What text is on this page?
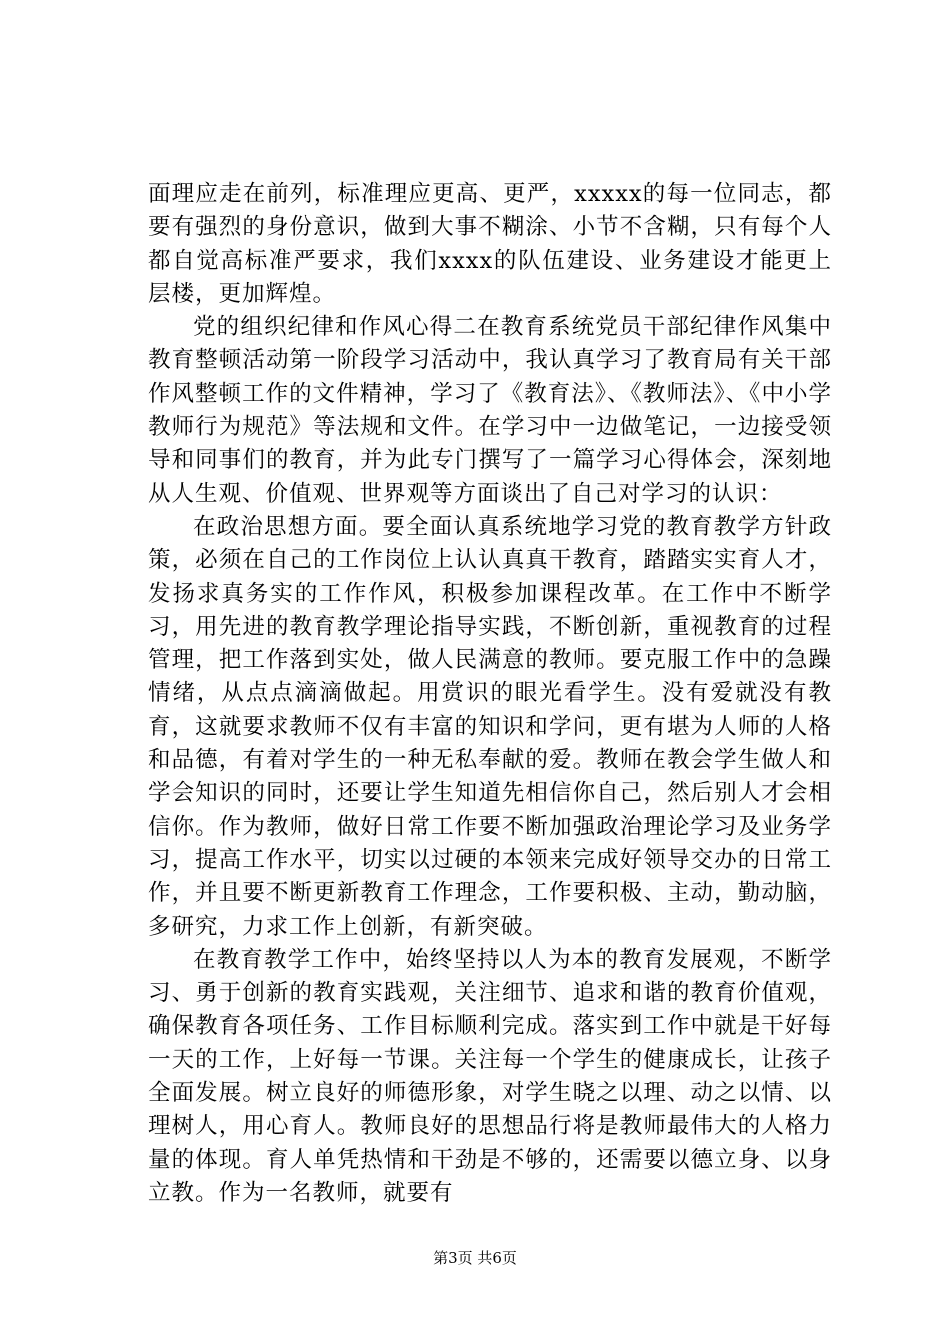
面理应走在前列，标准理应更高、更严，xxxxx的每一位同志，都要有强烈的身份意识，做到大事不糊涂、小节不含糊，只有每个人都自觉高标准严要求，我们xxxx的队伍建设、业务建设才能更上层楼，更加辉煌。

党的组织纪律和作风心得二在教育系统党员干部纪律作风集中教育整顿活动第一阶段学习活动中，我认真学习了教育局有关干部作风整顿工作的文件精神，学习了《教育法》、《教师法》、《中小学教师行为规范》等法规和文件。在学习中一边做笔记，一边接受领导和同事们的教育，并为此专门撰写了一篇学习心得体会，深刻地从人生观、价值观、世界观等方面谈出了自己对学习的认识：

在政治思想方面。要全面认真系统地学习党的教育教学方针政策，必须在自己的工作岗位上认认真真干教育，踏踏实实育人才，发扬求真务实的工作作风，积极参加课程改革。在工作中不断学习，用先进的教育教学理论指导实践，不断创新，重视教育的过程管理，把工作落到实处，做人民满意的教师。要克服工作中的急躁情绪，从点点滴滴做起。用赏识的眼光看学生。没有爱就没有教育，这就要求教师不仅有丰富的知识和学问，更有堪为人师的人格和品德，有着对学生的一种无私奉献的爱。教师在教会学生做人和学会知识的同时，还要让学生知道先相信你自己，然后别人才会相信你。作为教师，做好日常工作要不断加强政治理论学习及业务学习，提高工作水平，切实以过硬的本领来完成好领导交办的日常工作，并且要不断更新教育工作理念，工作要积极、主动，勤动脑，多研究，力求工作上创新，有新突破。

在教育教学工作中，始终坚持以人为本的教育发展观，不断学习、勇于创新的教育实践观，关注细节、追求和谐的教育价值观，确保教育各项任务、工作目标顺利完成。落实到工作中就是干好每一天的工作，上好每一节课。关注每一个学生的健康成长，让孩子全面发展。树立良好的师德形象，对学生晓之以理、动之以情、以理树人，用心育人。教师良好的思想品行将是教师最伟大的人格力量的体现。育人单凭热情和干劲是不够的，还需要以德立身、以身立教。作为一名教师，就要有

第3页 共6页
